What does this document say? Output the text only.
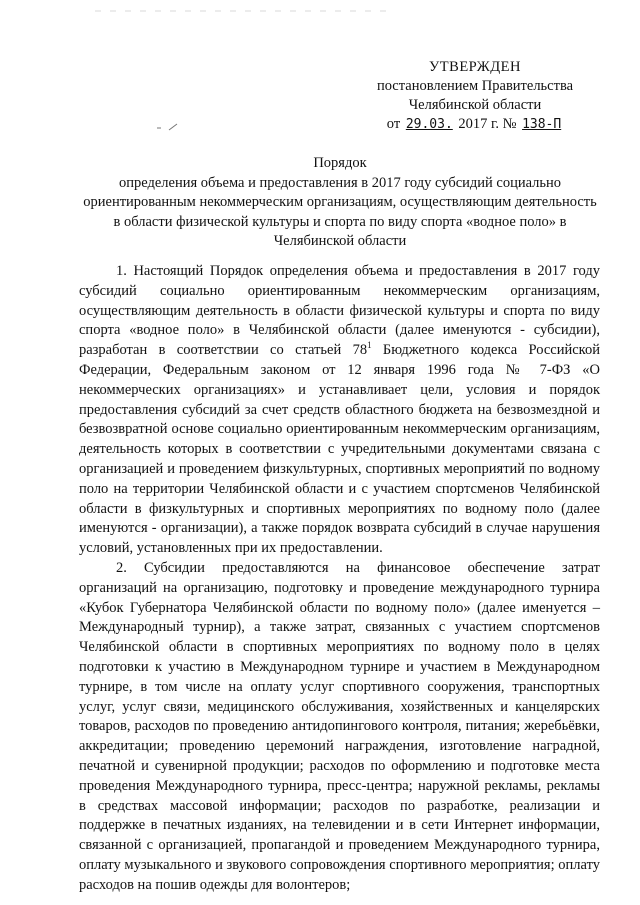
УТВЕРЖДЕН
постановлением Правительства
Челябинской области
от 29.03. 2017 г. № 138-П
Порядок
определения объема и предоставления в 2017 году субсидий социально ориентированным некоммерческим организациям, осуществляющим деятельность в области физической культуры и спорта по виду спорта «водное поло» в Челябинской области

1. Настоящий Порядок определения объема и предоставления в 2017 году субсидий социально ориентированным некоммерческим организациям, осуществляющим деятельность в области физической культуры и спорта по виду спорта «водное поло» в Челябинской области (далее именуются - субсидии), разработан в соответствии со статьей $78^1$ Бюджетного кодекса Российской Федерации, Федеральным законом от 12 января 1996 года № 7-ФЗ «О некоммерческих организациях» и устанавливает цели, условия и порядок предоставления субсидий за счет средств областного бюджета на безвозмездной и безвозвратной основе социально ориентированным некоммерческим организациям, деятельность которых в соответствии с учредительными документами связана с организацией и проведением физкультурных, спортивных мероприятий по водному поло на территории Челябинской области и с участием спортсменов Челябинской области в физкультурных и спортивных мероприятиях по водному поло (далее именуются - организации), а также порядок возврата субсидий в случае нарушения условий, установленных при их предоставлении.

2. Субсидии предоставляются на финансовое обеспечение затрат организаций на организацию, подготовку и проведение международного турнира «Кубок Губернатора Челябинской области по водному поло» (далее именуется – Международный турнир), а также затрат, связанных с участием спортсменов Челябинской области в спортивных мероприятиях по водному поло в целях подготовки к участию в Международном турнире и участием в Международном турнире, в том числе на оплату услуг спортивного сооружения, транспортных услуг, услуг связи, медицинского обслуживания, хозяйственных и канцелярских товаров, расходов по проведению антидопингового контроля, питания; жеребьёвки, аккредитации; проведению церемоний награждения, изготовление наградной, печатной и сувенирной продукции; расходов по оформлению и подготовке места проведения Международного турнира, пресс-центра; наружной рекламы, рекламы в средствах массовой информации; расходов по разработке, реализации и поддержке в печатных изданиях, на телевидении и в сети Интернет информации, связанной с организацией, пропагандой и проведением Международного турнира, оплату музыкального и звукового сопровождения спортивного мероприятия; оплату расходов на пошив одежды для волонтеров;
